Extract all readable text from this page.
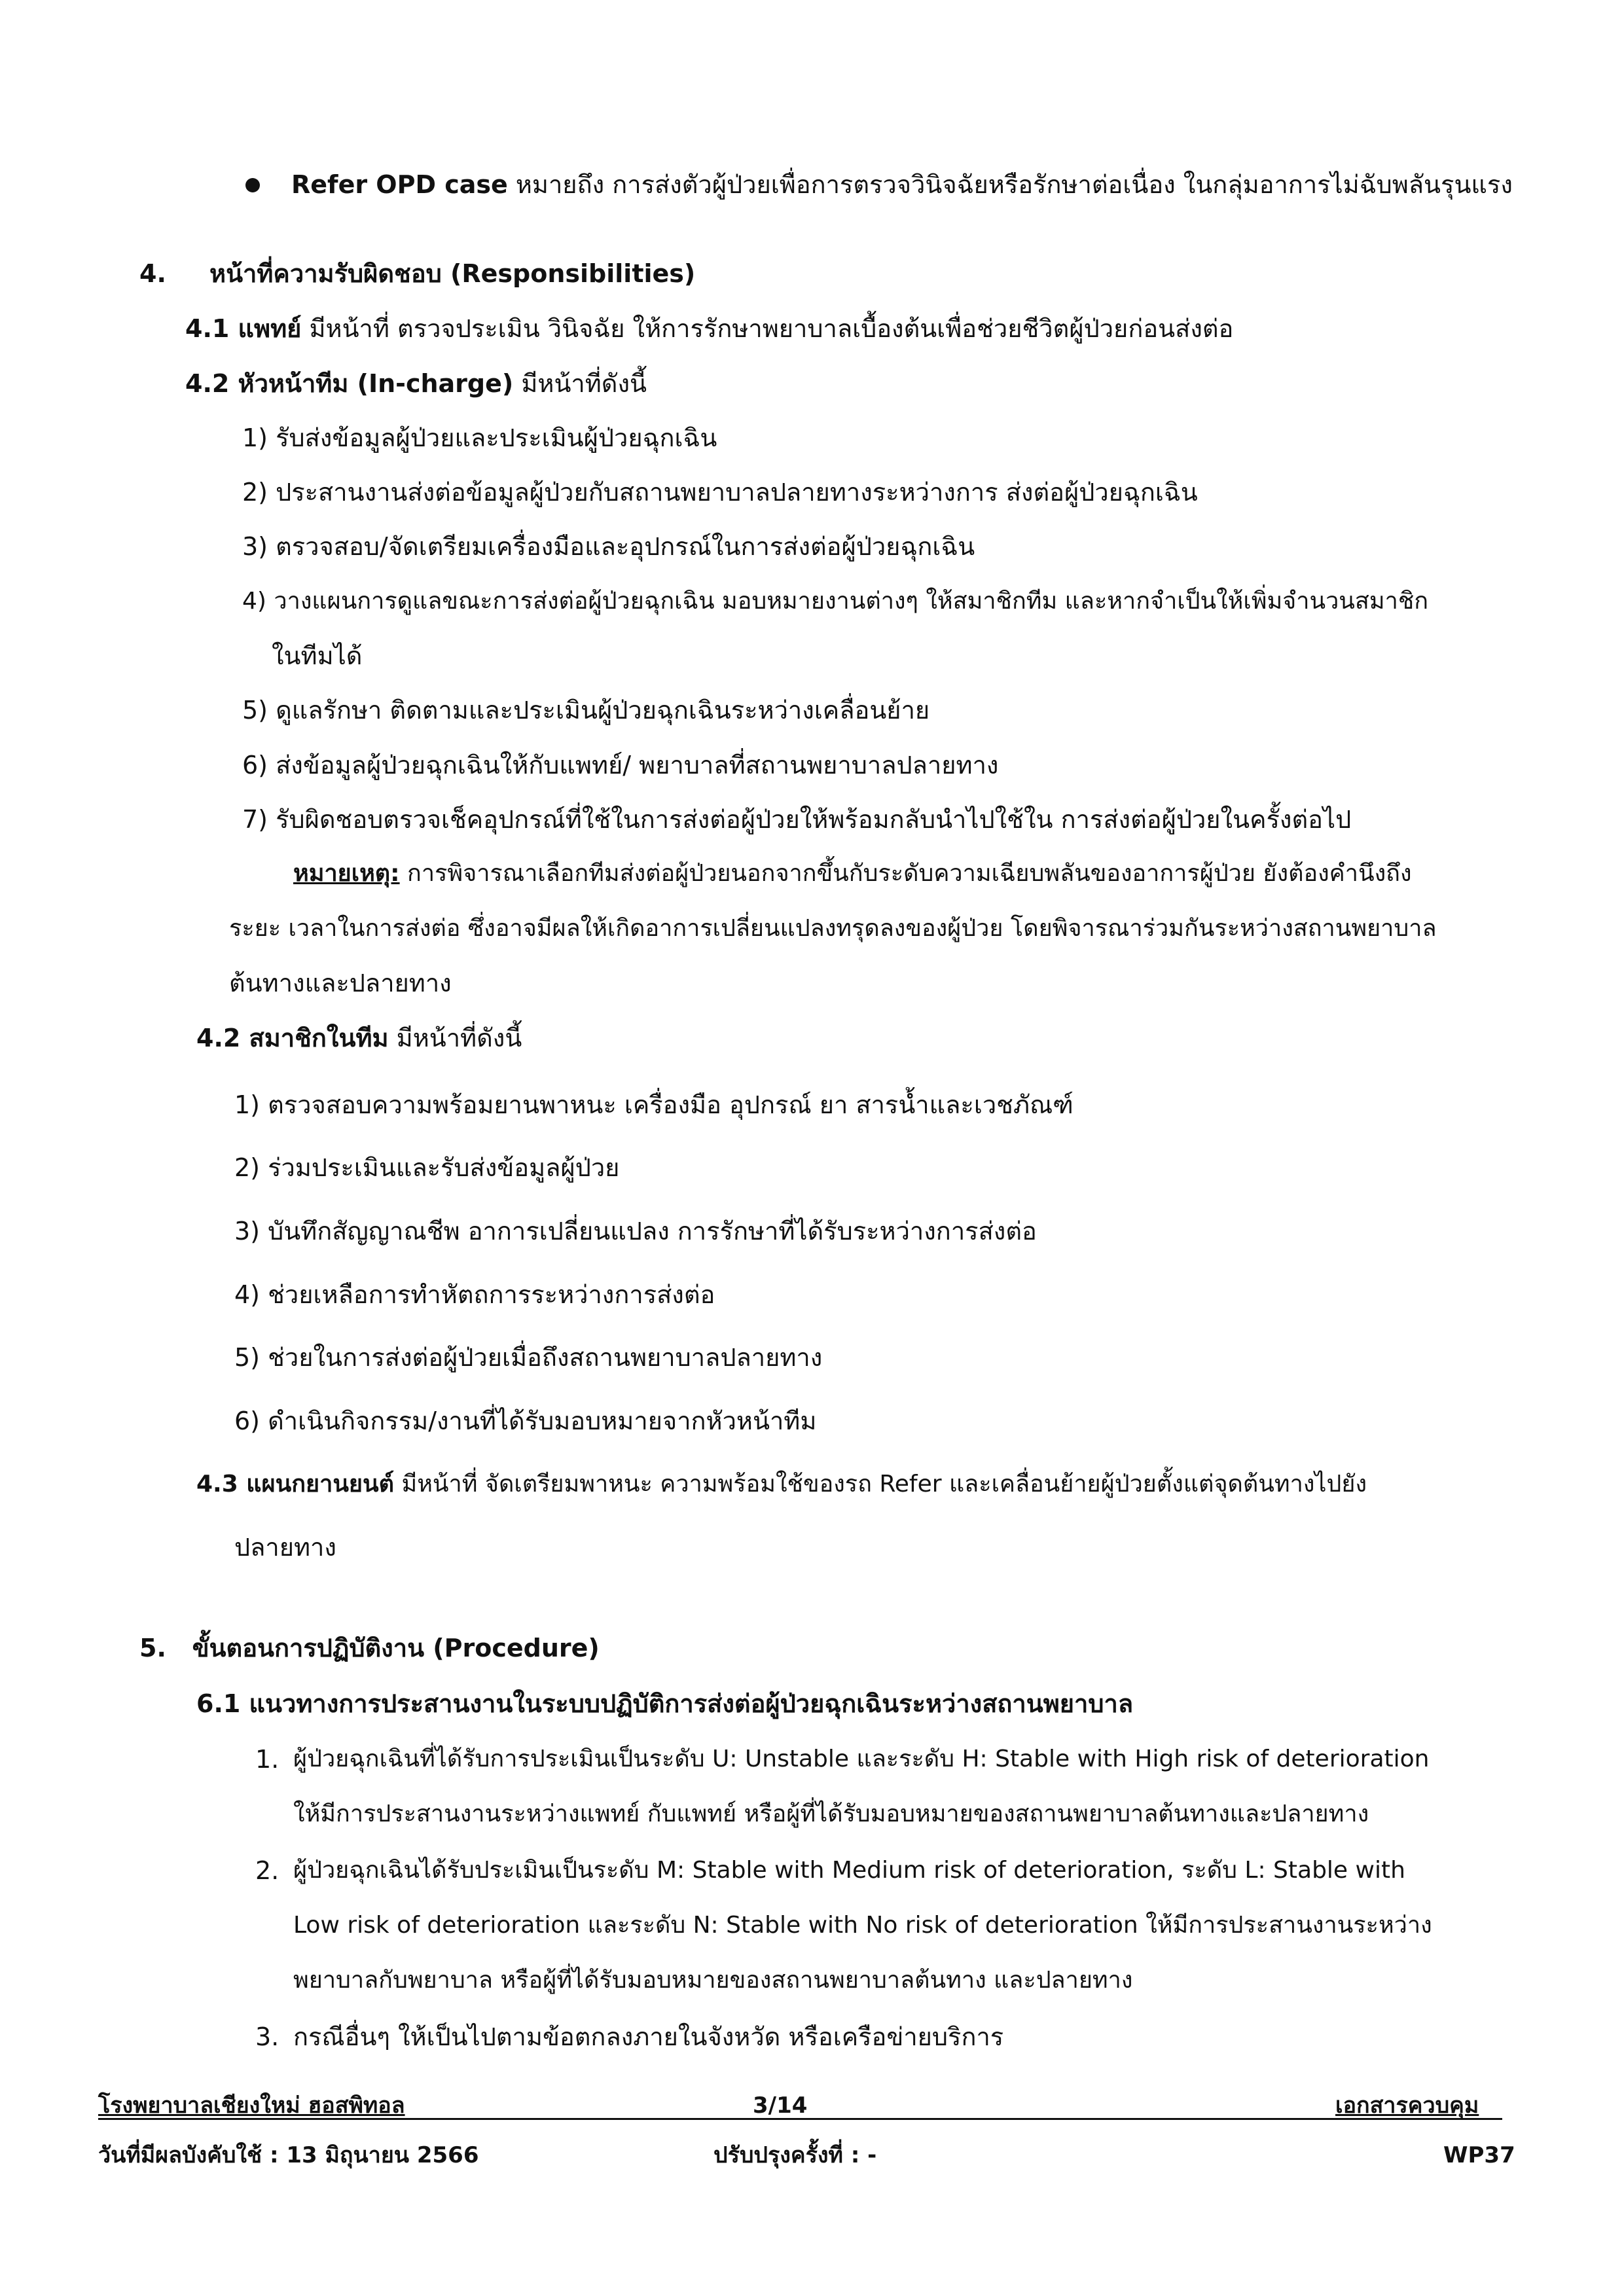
Refer OPD case หมายถึง การส่งตัวผู้ป่วยเพื่อการตรวจวินิจฉัยหรือรักษาต่อเนื่อง ในกลุ่มอาการไม่ฉับพลันรุนแรง
4.     หน้าที่ความรับผิดชอบ (Responsibilities)
4.1 แพทย์ มีหน้าที่ ตรวจประเมิน วินิจฉัย ให้การรักษาพยาบาลเบื้องต้นเพื่อช่วยชีวิตผู้ป่วยก่อนส่งต่อ
4.2 หัวหน้าทีม (In-charge) มีหน้าที่ดังนี้
1) รับส่งข้อมูลผู้ป่วยและประเมินผู้ป่วยฉุกเฉิน
2) ประสานงานส่งต่อข้อมูลผู้ป่วยกับสถานพยาบาลปลายทางระหว่างการ ส่งต่อผู้ป่วยฉุกเฉิน
3) ตรวจสอบ/จัดเตรียมเครื่องมือและอุปกรณ์ในการส่งต่อผู้ป่วยฉุกเฉิน
4) วางแผนการดูแลขณะการส่งต่อผู้ป่วยฉุกเฉิน มอบหมายงานต่างๆ ให้สมาชิกทีม และหากจำเป็นให้เพิ่มจำนวนสมาชิก
ในทีมได้
5) ดูแลรักษา ติดตามและประเมินผู้ป่วยฉุกเฉินระหว่างเคลื่อนย้าย
6) ส่งข้อมูลผู้ป่วยฉุกเฉินให้กับแพทย์/ พยาบาลที่สถานพยาบาลปลายทาง
7) รับผิดชอบตรวจเช็คอุปกรณ์ที่ใช้ในการส่งต่อผู้ป่วยให้พร้อมกลับนำไปใช้ใน การส่งต่อผู้ป่วยในครั้งต่อไป
หมายเหตุ: การพิจารณาเลือกทีมส่งต่อผู้ป่วยนอกจากขึ้นกับระดับความเฉียบพลันของอาการผู้ป่วย ยังต้องคำนึงถึง
ระยะ เวลาในการส่งต่อ ซึ่งอาจมีผลให้เกิดอาการเปลี่ยนแปลงทรุดลงของผู้ป่วย โดยพิจารณาร่วมกันระหว่างสถานพยาบาล
ต้นทางและปลายทาง
4.2 สมาชิกในทีม มีหน้าที่ดังนี้
1) ตรวจสอบความพร้อมยานพาหนะ เครื่องมือ อุปกรณ์ ยา สารน้ำและเวชภัณฑ์
2) ร่วมประเมินและรับส่งข้อมูลผู้ป่วย
3) บันทึกสัญญาณชีพ อาการเปลี่ยนแปลง การรักษาที่ได้รับระหว่างการส่งต่อ
4) ช่วยเหลือการทำหัตถการระหว่างการส่งต่อ
5) ช่วยในการส่งต่อผู้ป่วยเมื่อถึงสถานพยาบาลปลายทาง
6) ดำเนินกิจกรรม/งานที่ได้รับมอบหมายจากหัวหน้าทีม
4.3 แผนกยานยนต์ มีหน้าที่ จัดเตรียมพาหนะ ความพร้อมใช้ของรถ Refer และเคลื่อนย้ายผู้ป่วยตั้งแต่จุดต้นทางไปยัง
ปลายทาง
5.   ขั้นตอนการปฏิบัติงาน (Procedure)
6.1 แนวทางการประสานงานในระบบปฏิบัติการส่งต่อผู้ป่วยฉุกเฉินระหว่างสถานพยาบาล
1. ผู้ป่วยฉุกเฉินที่ได้รับการประเมินเป็นระดับ U: Unstable และระดับ H: Stable with High risk of deterioration
ให้มีการประสานงานระหว่างแพทย์ กับแพทย์ หรือผู้ที่ได้รับมอบหมายของสถานพยาบาลต้นทางและปลายทาง
2. ผู้ป่วยฉุกเฉินได้รับประเมินเป็นระดับ M: Stable with Medium risk of deterioration, ระดับ L: Stable with
Low risk of deterioration และระดับ N: Stable with No risk of deterioration ให้มีการประสานงานระหว่าง
พยาบาลกับพยาบาล หรือผู้ที่ได้รับมอบหมายของสถานพยาบาลต้นทาง และปลายทาง
3. กรณีอื่นๆ ให้เป็นไปตามข้อตกลงภายในจังหวัด หรือเครือข่ายบริการ
โรงพยาบาลเชียงใหม่ ฮอสพิทอล	3/14	เอกสารควบคุม
วันที่มีผลบังคับใช้ : 13 มิถุนายน 2566	ปรับปรุงครั้งที่ : -	WP37
